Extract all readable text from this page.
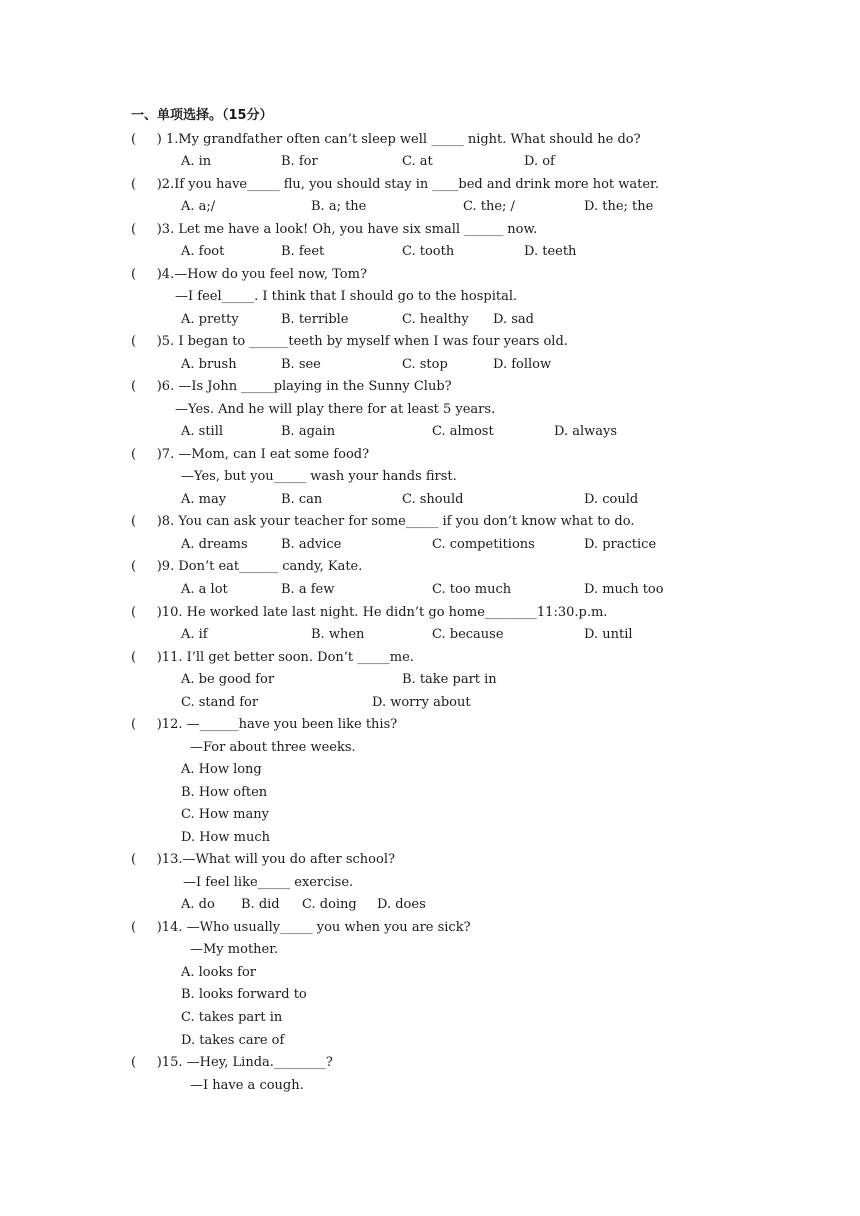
一、单项选择。（15分）
(     ) 1.My grandfather often can’t sleep well _____ night. What should he do?
A. in	B. for	C. at	D. of
(     )2.If you have_____ flu, you should stay in ____bed and drink more hot water.
A. a;/	B. a; the	C. the; /	D. the; the
(     )3. Let me have a look! Oh, you have six small ______ now.
A. foot	B. feet	C. tooth	D. teeth
(     )4.—How do you feel now, Tom?
—I feel_____. I think that I should go to the hospital.
A. pretty	B. terrible	C. healthy D. sad
(     )5. I began to ______teeth by myself when I was four years old.
A. brush	B. see	C. stop	D. follow
(     )6. —Is John _____playing in the Sunny Club?
—Yes. And he will play there for at least 5 years.
A. still	B. again	C. almost	D. always
(     )7. —Mom, can I eat some food?
—Yes, but you_____ wash your hands first.
A. may	B. can	C. should	D. could
(     )8. You can ask your teacher for some_____ if you don’t know what to do.
A. dreams	B. advice	C. competitions	D. practice
(     )9. Don’t eat______ candy, Kate.
A. a lot	B. a few	C. too much	D. much too
(     )10. He worked late last night. He didn’t go home________11:30.p.m.
A. if	B. when	C. because	D. until
(     )11. I’ll get better soon. Don’t _____me.
A. be good for	B. take part in
C. stand for	D. worry about
(     )12. —______have you been like this?
—For about three weeks.
A. How long
B. How often
C. How many
D. How much
(     )13.—What will you do after school?
—I feel like_____ exercise.
A. do B. did C. doing D. does
(     )14. —Who usually_____ you when you are sick?
—My mother.
A. looks for
B. looks forward to
C. takes part in
D. takes care of
(     )15. —Hey, Linda.________?
—I have a cough.
